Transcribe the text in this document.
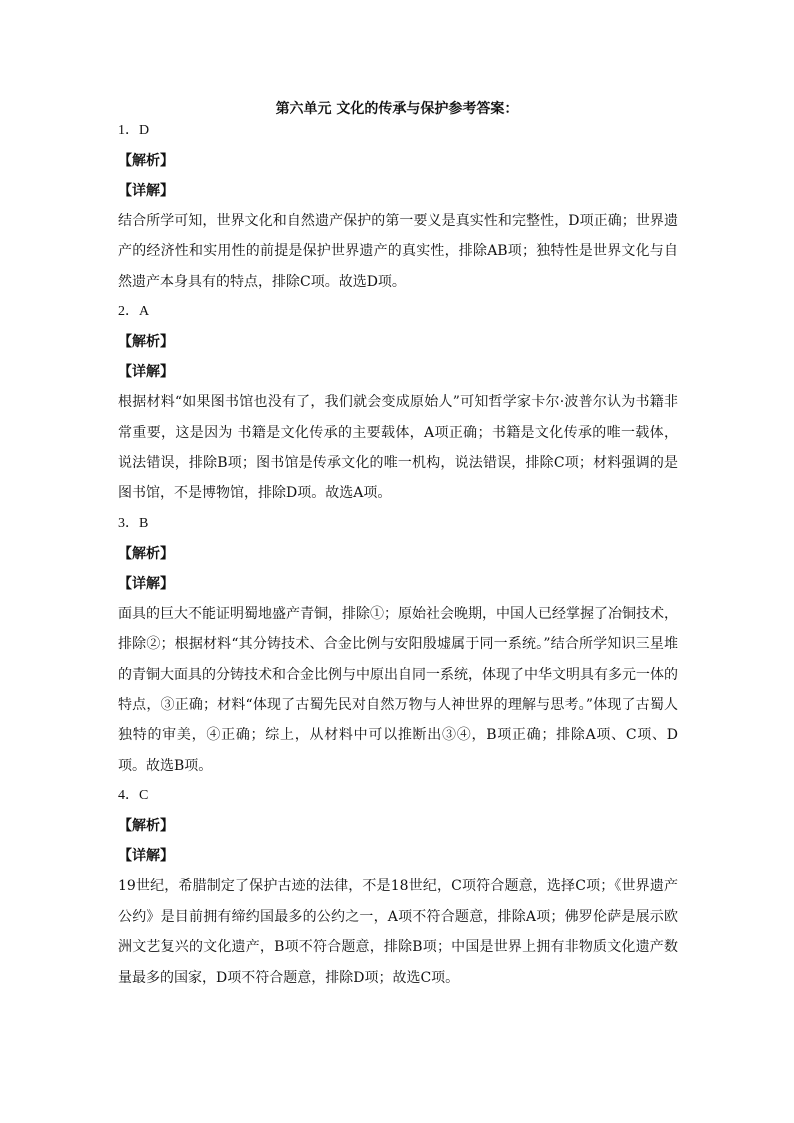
第六单元 文化的传承与保护参考答案：
1．D
【解析】
【详解】
结合所学可知，世界文化和自然遗产保护的第一要义是真实性和完整性，D项正确；世界遗产的经济性和实用性的前提是保护世界遗产的真实性，排除AB项；独特性是世界文化与自然遗产本身具有的特点，排除C项。故选D项。
2．A
【解析】
【详解】
根据材料“如果图书馆也没有了，我们就会变成原始人”可知哲学家卡尔·波普尔认为书籍非常重要，这是因为 书籍是文化传承的主要载体，A项正确；书籍是文化传承的唯一载体，说法错误，排除B项；图书馆是传承文化的唯一机构，说法错误，排除C项；材料强调的是图书馆，不是博物馆，排除D项。故选A项。
3．B
【解析】
【详解】
面具的巨大不能证明蜀地盛产青铜，排除①；原始社会晚期，中国人已经掌握了冶铜技术，排除②；根据材料“其分铸技术、合金比例与安阳殷墟属于同一系统。”结合所学知识三星堆的青铜大面具的分铸技术和合金比例与中原出自同一系统，体现了中华文明具有多元一体的特点，③正确；材料“体现了古蜀先民对自然万物与人神世界的理解与思考。”体现了古蜀人独特的审美，④正确；综上，从材料中可以推断出③④，B项正确；排除A项、C项、D项。故选B项。
4．C
【解析】
【详解】
19世纪，希腊制定了保护古迹的法律，不是18世纪，C项符合题意，选择C项；《世界遗产公约》是目前拥有缔约国最多的公约之一，A项不符合题意，排除A项；佛罗伦萨是展示欧洲文艺复兴的文化遗产，B项不符合题意，排除B项；中国是世界上拥有非物质文化遗产数量最多的国家，D项不符合题意，排除D项；故选C项。
